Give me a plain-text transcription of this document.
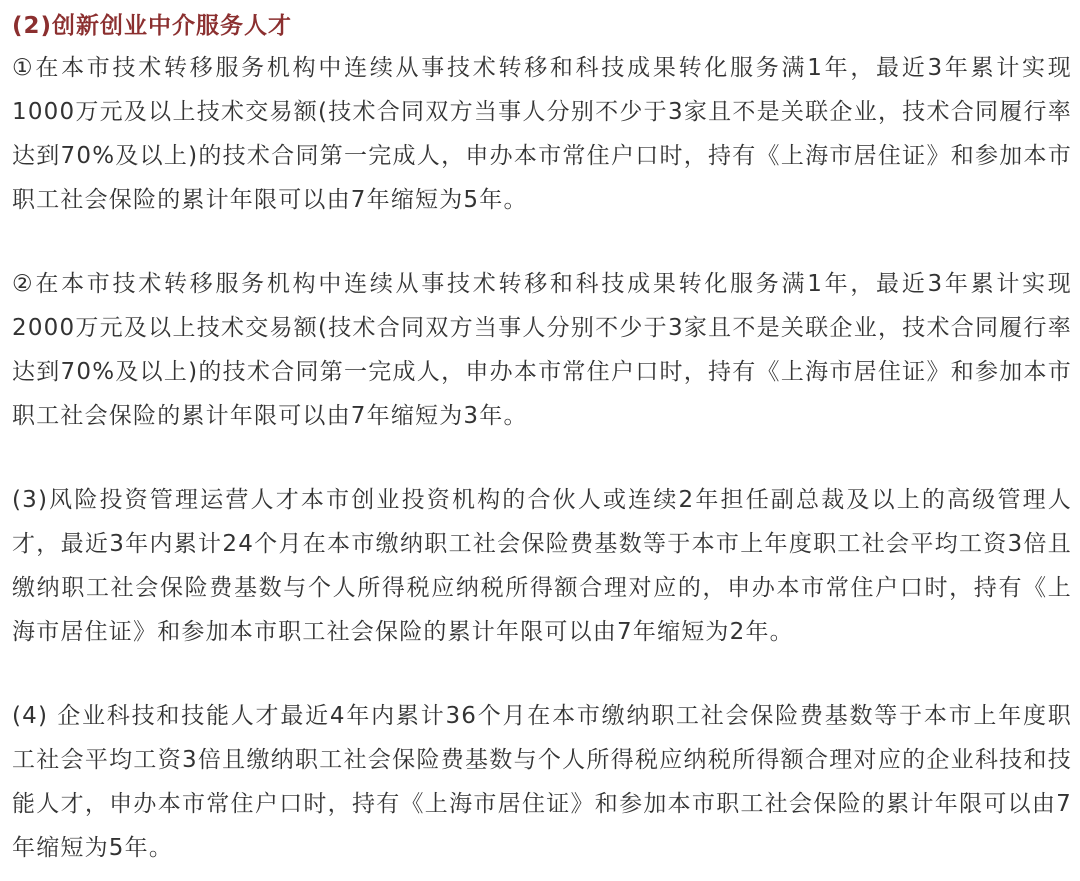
(2)创新创业中介服务人才

①在本市技术转移服务机构中连续从事技术转移和科技成果转化服务满1年，最近3年累计实现1000万元及以上技术交易额(技术合同双方当事人分别不少于3家且不是关联企业，技术合同履行率达到70%及以上)的技术合同第一完成人，申办本市常住户口时，持有《上海市居住证》和参加本市职工社会保险的累计年限可以由7年缩短为5年。

②在本市技术转移服务机构中连续从事技术转移和科技成果转化服务满1年，最近3年累计实现2000万元及以上技术交易额(技术合同双方当事人分别不少于3家且不是关联企业，技术合同履行率达到70%及以上)的技术合同第一完成人，申办本市常住户口时，持有《上海市居住证》和参加本市职工社会保险的累计年限可以由7年缩短为3年。

(3)风险投资管理运营人才本市创业投资机构的合伙人或连续2年担任副总裁及以上的高级管理人才，最近3年内累计24个月在本市缴纳职工社会保险费基数等于本市上年度职工社会平均工资3倍且缴纳职工社会保险费基数与个人所得税应纳税所得额合理对应的，申办本市常住户口时，持有《上海市居住证》和参加本市职工社会保险的累计年限可以由7年缩短为2年。

(4) 企业科技和技能人才最近4年内累计36个月在本市缴纳职工社会保险费基数等于本市上年度职工社会平均工资3倍且缴纳职工社会保险费基数与个人所得税应纳税所得额合理对应的企业科技和技能人才，申办本市常住户口时，持有《上海市居住证》和参加本市职工社会保险的累计年限可以由7年缩短为5年。
